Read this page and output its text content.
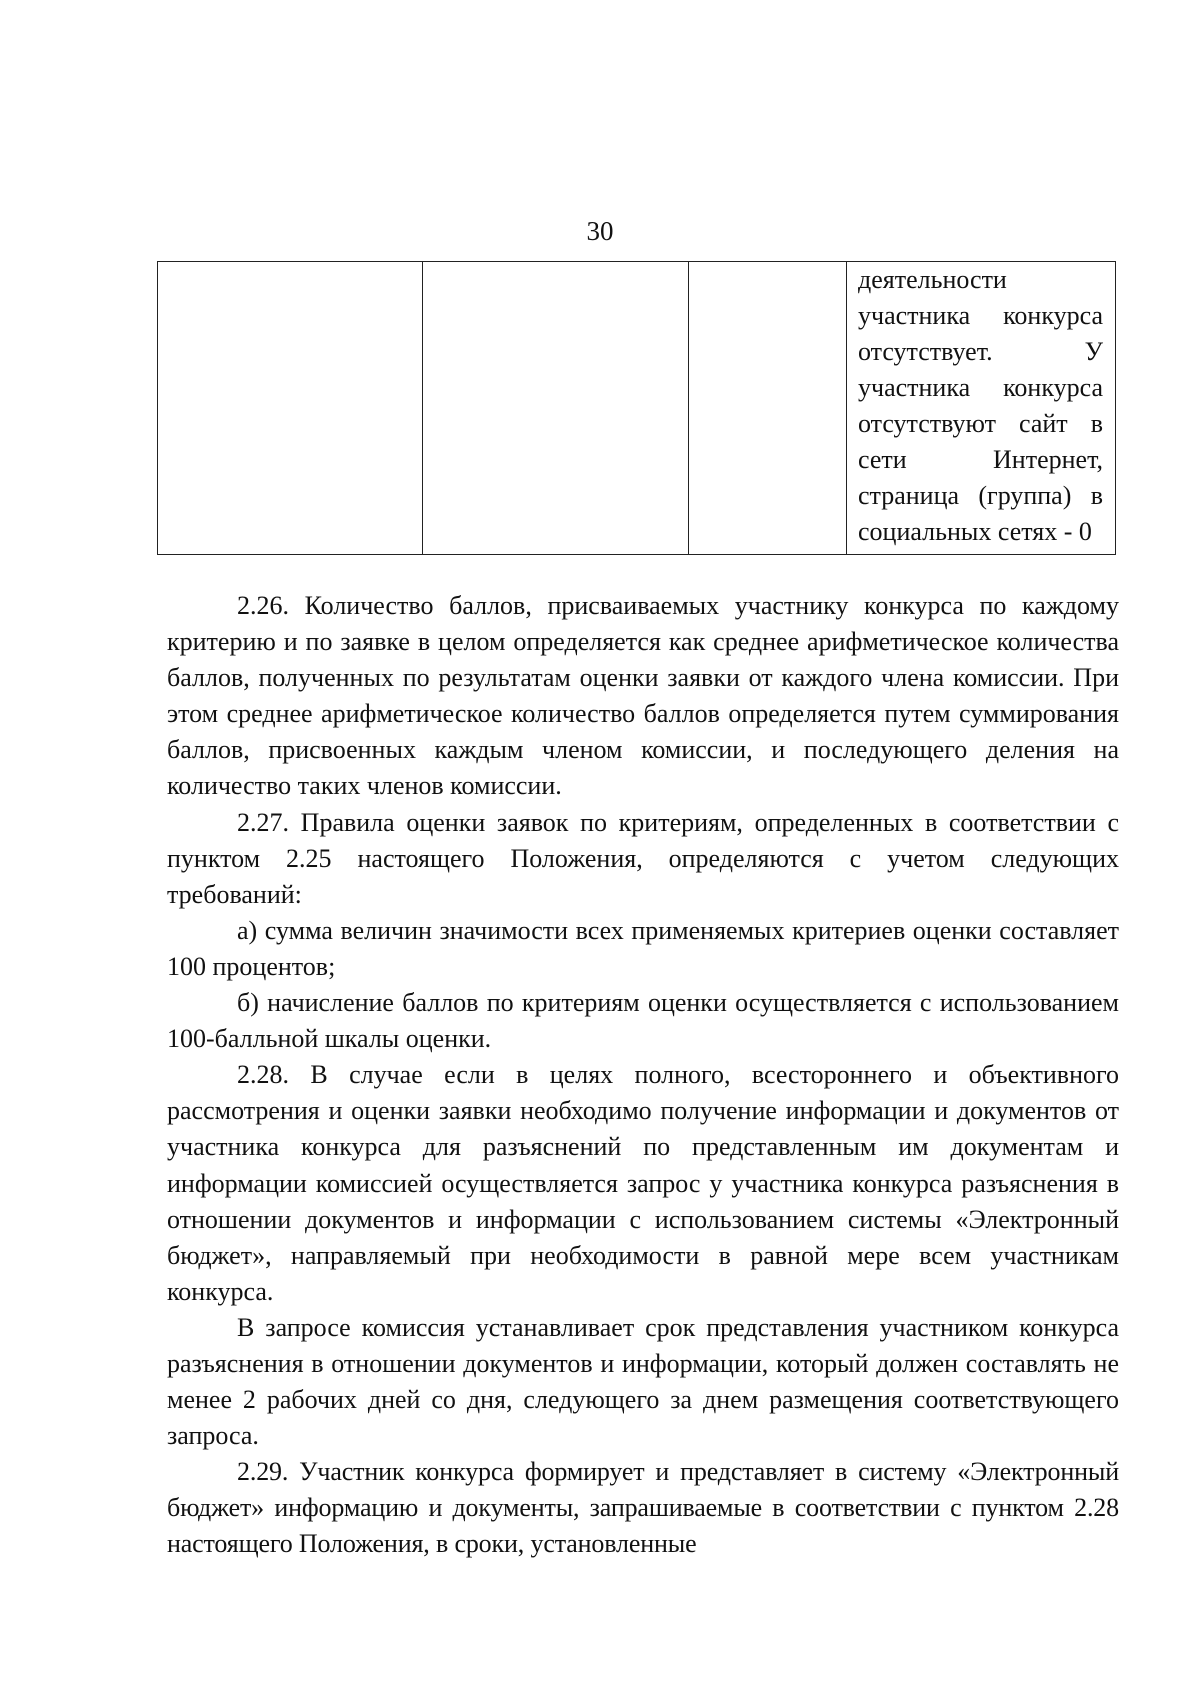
30

деятельности
участника конкурса
отсутствует. У
участника конкурса
отсутствуют сайт в
сети Интернет,
страница (группа) в
социальных сетях - 0

2.26. Количество баллов, присваиваемых участнику конкурса по каждому критерию и по заявке в целом определяется как среднее арифметическое количества баллов, полученных по результатам оценки заявки от каждого члена комиссии. При этом среднее арифметическое количество баллов определяется путем суммирования баллов, присвоенных каждым членом комиссии, и последующего деления на количество таких членов комиссии.

2.27. Правила оценки заявок по критериям, определенных в соответствии с пунктом 2.25 настоящего Положения, определяются с учетом следующих требований:

а) сумма величин значимости всех применяемых критериев оценки составляет 100 процентов;

б) начисление баллов по критериям оценки осуществляется с использованием 100-балльной шкалы оценки.

2.28. В случае если в целях полного, всестороннего и объективного рассмотрения и оценки заявки необходимо получение информации и документов от участника конкурса для разъяснений по представленным им документам и информации комиссией осуществляется запрос у участника конкурса разъяснения в отношении документов и информации с использованием системы «Электронный бюджет», направляемый при необходимости в равной мере всем участникам конкурса.

В запросе комиссия устанавливает срок представления участником конкурса разъяснения в отношении документов и информации, который должен составлять не менее 2 рабочих дней со дня, следующего за днем размещения соответствующего запроса.

2.29. Участник конкурса формирует и представляет в систему «Электронный бюджет» информацию и документы, запрашиваемые в соответствии с пунктом 2.28 настоящего Положения, в сроки, установленные
